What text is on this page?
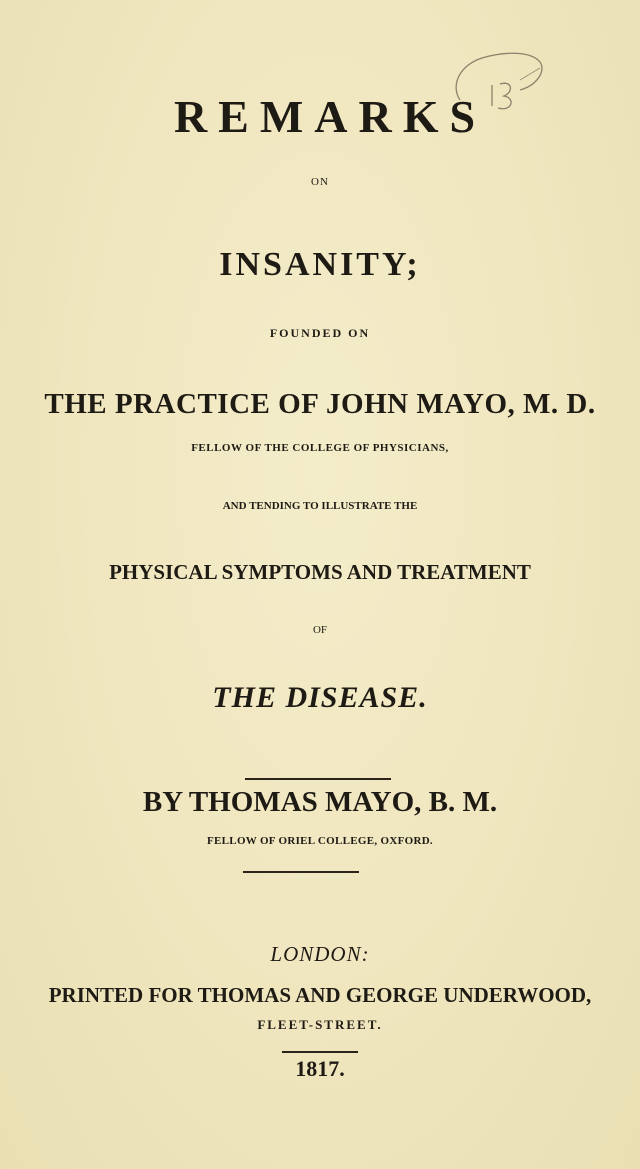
REMARKS
ON
INSANITY;
FOUNDED ON
THE PRACTICE OF JOHN MAYO, M. D.
FELLOW OF THE COLLEGE OF PHYSICIANS,
AND TENDING TO ILLUSTRATE THE
PHYSICAL SYMPTOMS AND TREATMENT
OF
THE DISEASE.
BY THOMAS MAYO, B. M.
FELLOW OF ORIEL COLLEGE, OXFORD.
LONDON:
PRINTED FOR THOMAS AND GEORGE UNDERWOOD,
FLEET-STREET.
1817.
